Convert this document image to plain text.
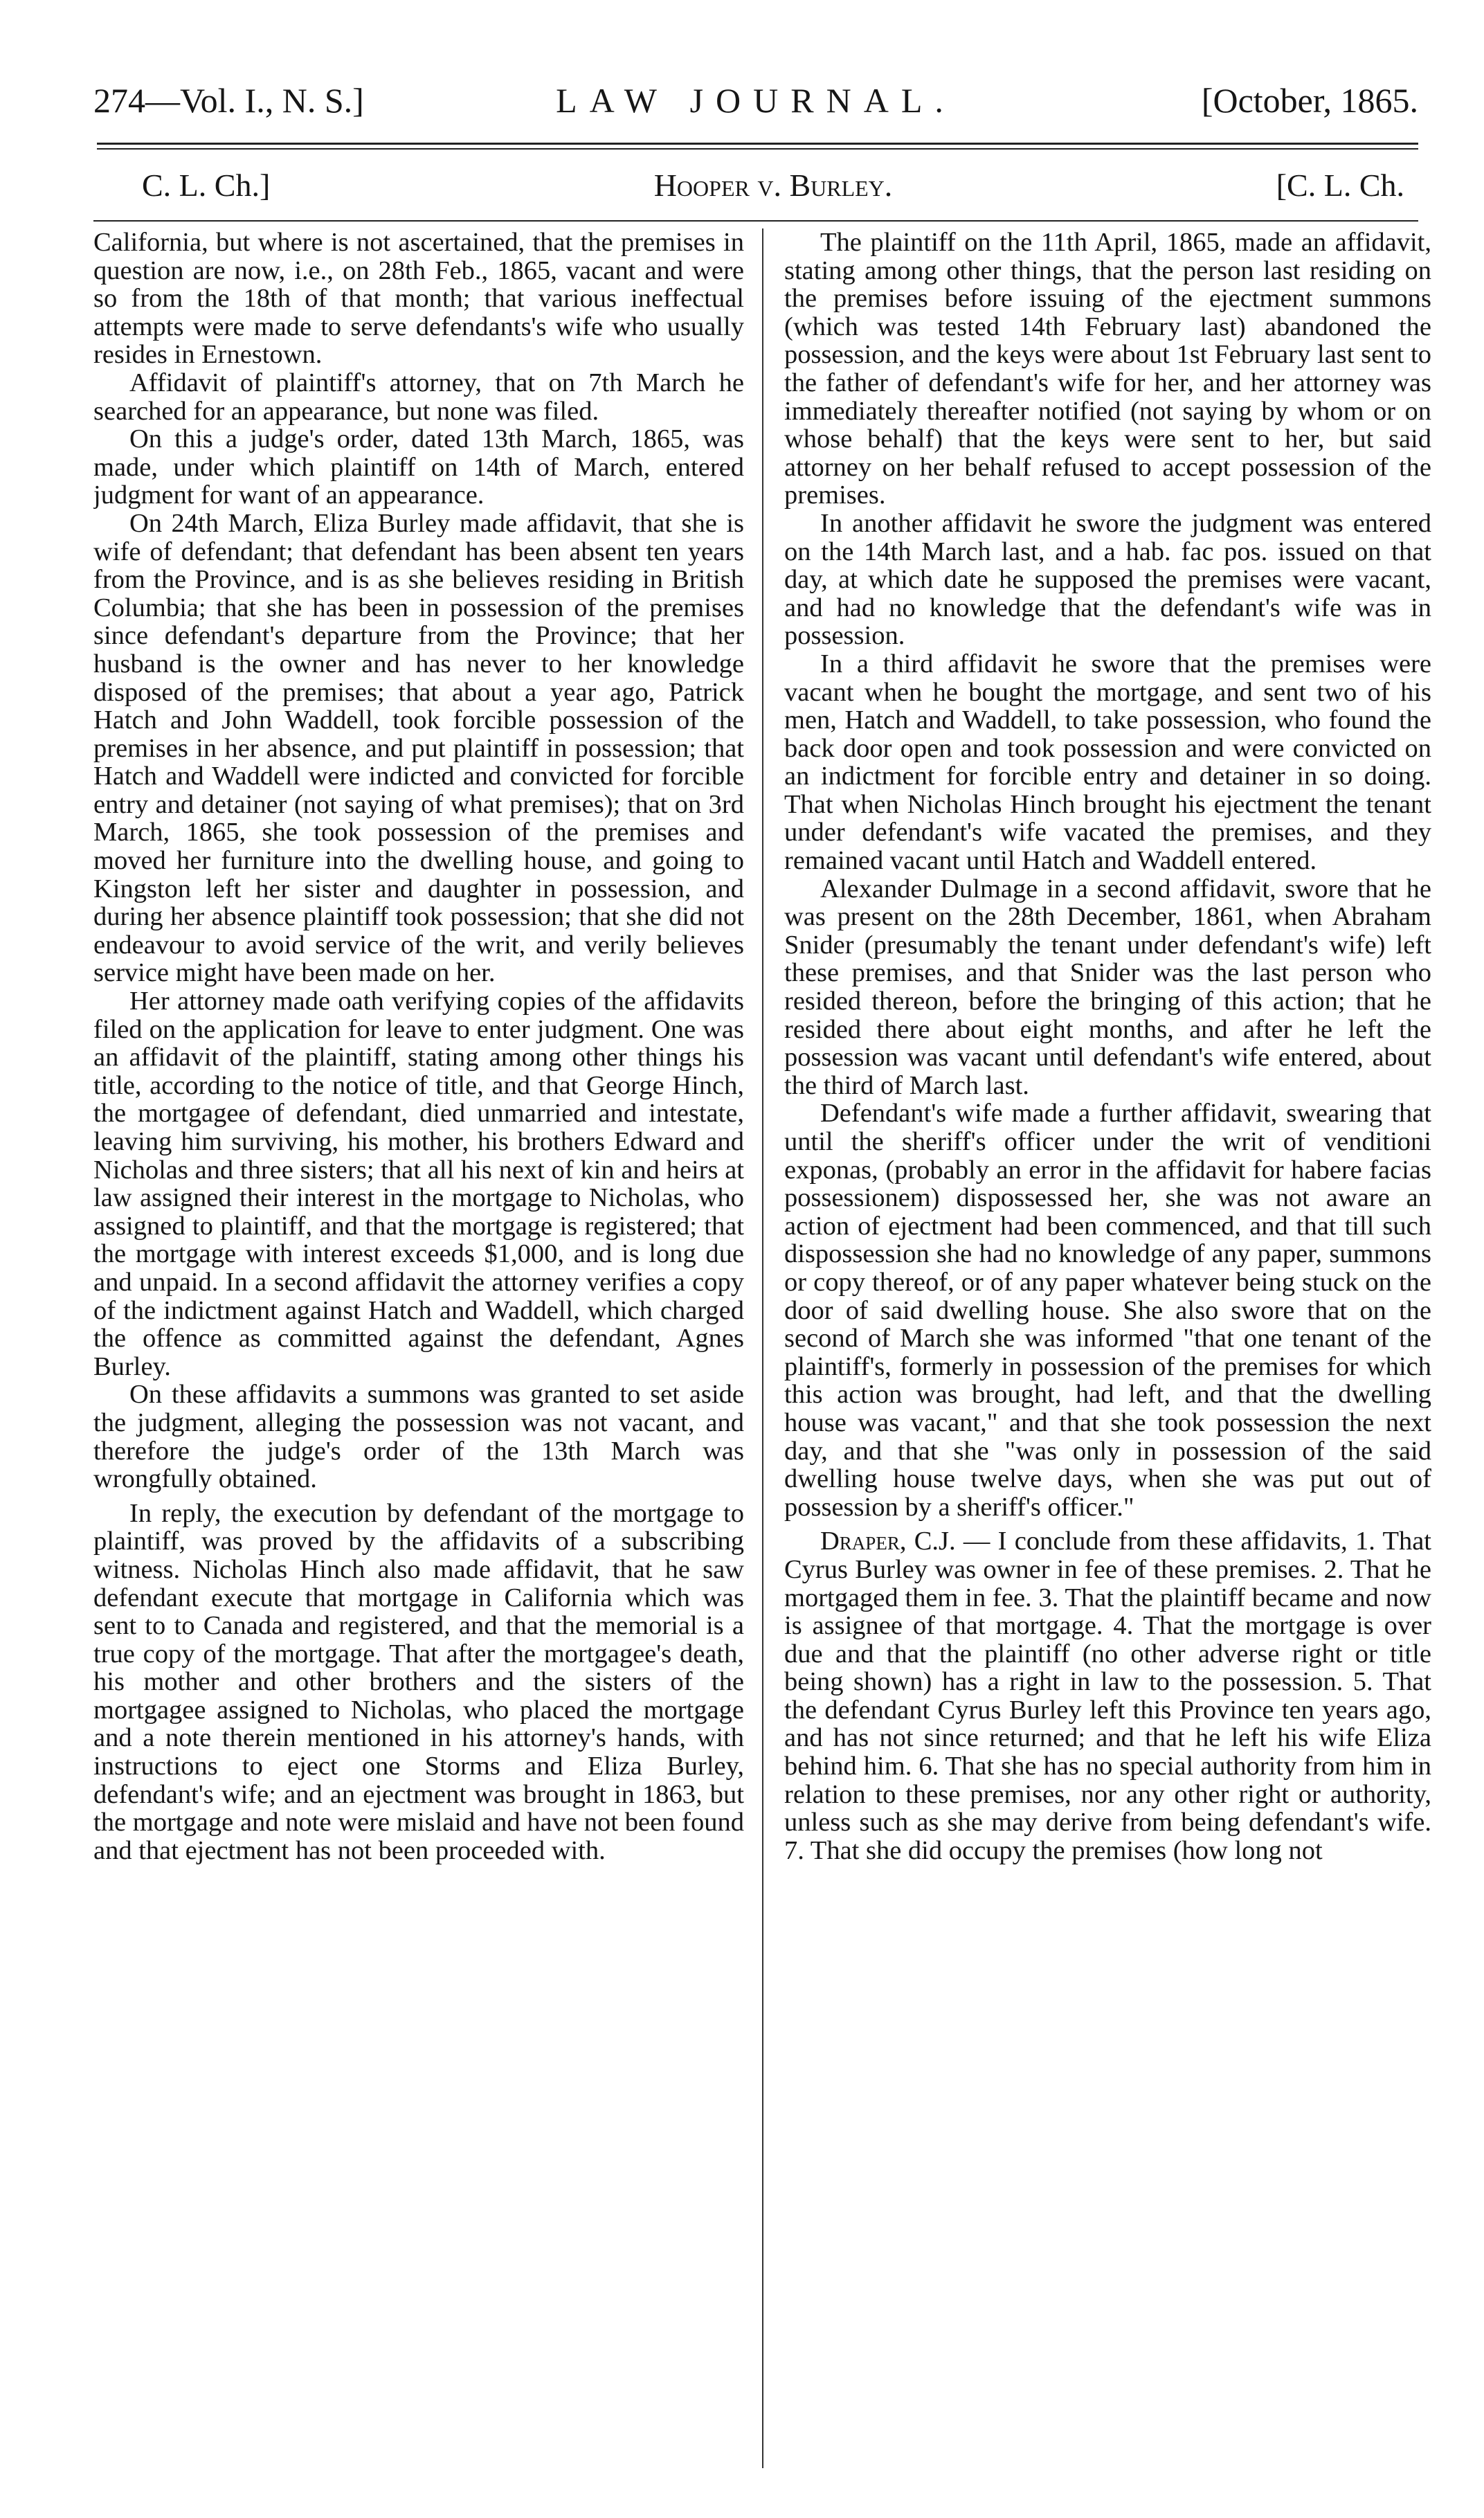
274—Vol. I., N. S.]	LAW JOURNAL.	[October, 1865.
C. L. Ch.]	Hooper v. Burley.	[C. L. Ch.

California, but where is not ascertained, that the premises in question are now, i.e., on 28th Feb., 1865, vacant and were so from the 18th of that month; that various ineffectual attempts were made to serve defendants's wife who usually resides in Ernestown.

Affidavit of plaintiff's attorney, that on 7th March he searched for an appearance, but none was filed.

On this a judge's order, dated 13th March, 1865, was made, under which plaintiff on 14th of March, entered judgment for want of an appearance.

On 24th March, Eliza Burley made affidavit, that she is wife of defendant; that defendant has been absent ten years from the Province, and is as she believes residing in British Columbia; that she has been in possession of the premises since defendant's departure from the Province; that her husband is the owner and has never to her knowledge disposed of the premises; that about a year ago, Patrick Hatch and John Waddell, took forcible possession of the premises in her absence, and put plaintiff in possession; that Hatch and Waddell were indicted and convicted for forcible entry and detainer (not saying of what premises); that on 3rd March, 1865, she took possession of the premises and moved her furniture into the dwelling house, and going to Kingston left her sister and daughter in possession, and during her absence plaintiff took possession; that she did not endeavour to avoid service of the writ, and verily believes service might have been made on her.

Her attorney made oath verifying copies of the affidavits filed on the application for leave to enter judgment. One was an affidavit of the plaintiff, stating among other things his title, according to the notice of title, and that George Hinch, the mortgagee of defendant, died unmarried and intestate, leaving him surviving, his mother, his brothers Edward and Nicholas and three sisters; that all his next of kin and heirs at law assigned their interest in the mortgage to Nicholas, who assigned to plaintiff, and that the mortgage is registered; that the mortgage with interest exceeds $1,000, and is long due and unpaid. In a second affidavit the attorney verifies a copy of the indictment against Hatch and Waddell, which charged the offence as committed against the defendant, Agnes Burley.

On these affidavits a summons was granted to set aside the judgment, alleging the possession was not vacant, and therefore the judge's order of the 13th March was wrongfully obtained.

In reply, the execution by defendant of the mortgage to plaintiff, was proved by the affidavits of a subscribing witness. Nicholas Hinch also made affidavit, that he saw defendant execute that mortgage in California which was sent to to Canada and registered, and that the memorial is a true copy of the mortgage. That after the mortgagee's death, his mother and other brothers and the sisters of the mortgagee assigned to Nicholas, who placed the mortgage and a note therein mentioned in his attorney's hands, with instructions to eject one Storms and Eliza Burley, defendant's wife; and an ejectment was brought in 1863, but the mortgage and note were mislaid and have not been found and that ejectment has not been proceeded with.

The plaintiff on the 11th April, 1865, made an affidavit, stating among other things, that the person last residing on the premises before issuing of the ejectment summons (which was tested 14th February last) abandoned the possession, and the keys were about 1st February last sent to the father of defendant's wife for her, and her attorney was immediately thereafter notified (not saying by whom or on whose behalf) that the keys were sent to her, but said attorney on her behalf refused to accept possession of the premises.

In another affidavit he swore the judgment was entered on the 14th March last, and a hab. fac pos. issued on that day, at which date he supposed the premises were vacant, and had no knowledge that the defendant's wife was in possession.

In a third affidavit he swore that the premises were vacant when he bought the mortgage, and sent two of his men, Hatch and Waddell, to take possession, who found the back door open and took possession and were convicted on an indictment for forcible entry and detainer in so doing. That when Nicholas Hinch brought his ejectment the tenant under defendant's wife vacated the premises, and they remained vacant until Hatch and Waddell entered.

Alexander Dulmage in a second affidavit, swore that he was present on the 28th December, 1861, when Abraham Snider (presumably the tenant under defendant's wife) left these premises, and that Snider was the last person who resided thereon, before the bringing of this action; that he resided there about eight months, and after he left the possession was vacant until defendant's wife entered, about the third of March last.

Defendant's wife made a further affidavit, swearing that until the sheriff's officer under the writ of venditioni exponas, (probably an error in the affidavit for habere facias possessionem) dispossessed her, she was not aware an action of ejectment had been commenced, and that till such dispossession she had no knowledge of any paper, summons or copy thereof, or of any paper whatever being stuck on the door of said dwelling house. She also swore that on the second of March she was informed "that one tenant of the plaintiff's, formerly in possession of the premises for which this action was brought, had left, and that the dwelling house was vacant," and that she took possession the next day, and that she "was only in possession of the said dwelling house twelve days, when she was put out of possession by a sheriff's officer."

Draper, C.J. — I conclude from these affidavits, 1. That Cyrus Burley was owner in fee of these premises. 2. That he mortgaged them in fee. 3. That the plaintiff became and now is assignee of that mortgage. 4. That the mortgage is over due and that the plaintiff (no other adverse right or title being shown) has a right in law to the possession. 5. That the defendant Cyrus Burley left this Province ten years ago, and has not since returned; and that he left his wife Eliza behind him. 6. That she has no special authority from him in relation to these premises, nor any other right or authority, unless such as she may derive from being defendant's wife. 7. That she did occupy the premises (how long not
